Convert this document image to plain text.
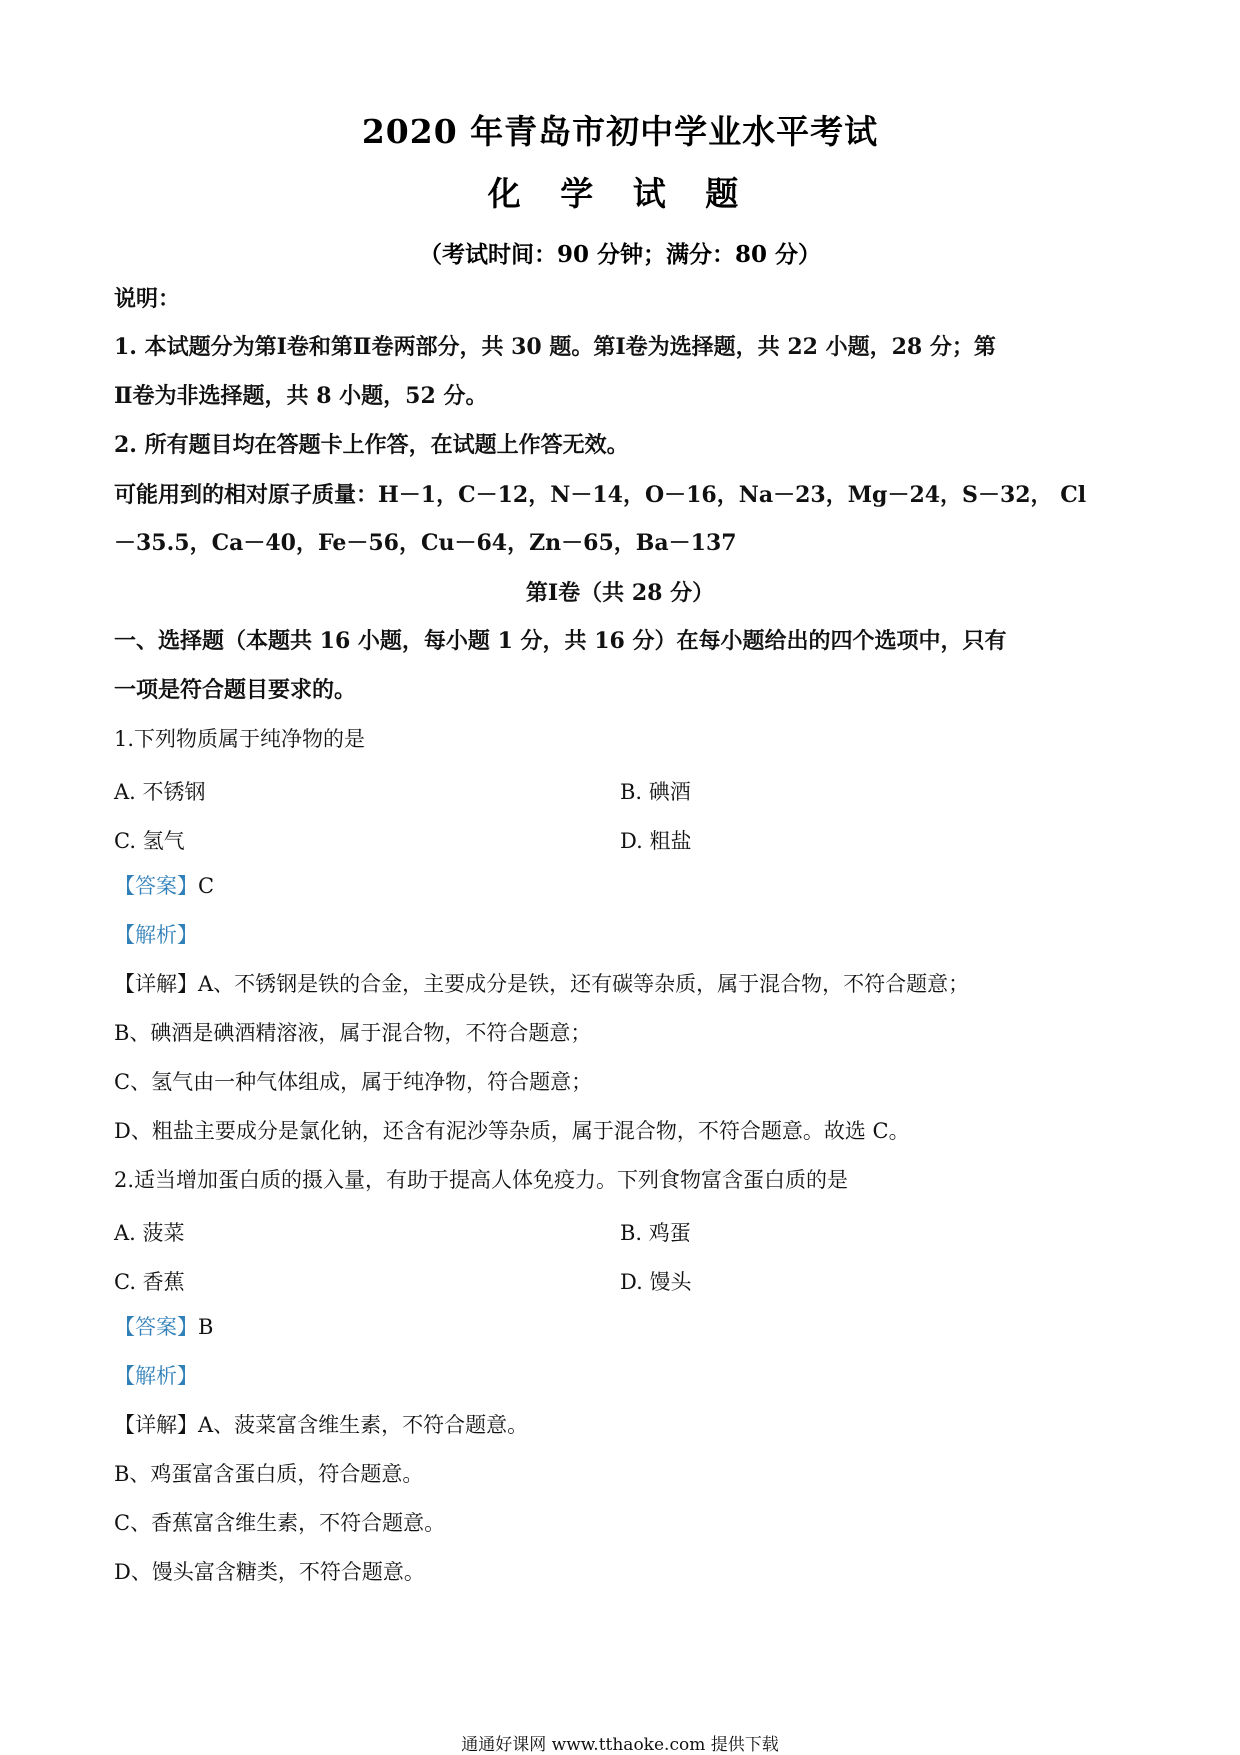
2020 年青岛市初中学业水平考试
化 学 试 题
（考试时间：90 分钟；满分：80 分）
说明：
1. 本试题分为第Ⅰ卷和第Ⅱ卷两部分，共 30 题。第Ⅰ卷为选择题，共 22 小题，28 分；第
Ⅱ卷为非选择题，共 8 小题，52 分。
2. 所有题目均在答题卡上作答，在试题上作答无效。
可能用到的相对原子质量：H－1，C－12，N－14，O－16，Na－23，Mg－24，S－32， Cl
－35.5，Ca－40，Fe－56，Cu－64，Zn－65，Ba－137
第Ⅰ卷（共 28 分）
一、选择题（本题共 16 小题，每小题 1 分，共 16 分）在每小题给出的四个选项中，只有
一项是符合题目要求的。
1.下列物质属于纯净物的是
A. 不锈钢	B. 碘酒
C. 氢气	D. 粗盐
【答案】C
【解析】
【详解】A、不锈钢是铁的合金，主要成分是铁，还有碳等杂质，属于混合物，不符合题意；
B、碘酒是碘酒精溶液，属于混合物，不符合题意；
C、氢气由一种气体组成，属于纯净物，符合题意；
D、粗盐主要成分是氯化钠，还含有泥沙等杂质，属于混合物，不符合题意。故选 C。
2.适当增加蛋白质的摄入量，有助于提高人体免疫力。下列食物富含蛋白质的是
A. 菠菜	B. 鸡蛋
C. 香蕉	D. 馒头
【答案】B
【解析】
【详解】A、菠菜富含维生素，不符合题意。
B、鸡蛋富含蛋白质，符合题意。
C、香蕉富含维生素，不符合题意。
D、馒头富含糖类，不符合题意。
通通好课网 www.tthaoke.com 提供下载
